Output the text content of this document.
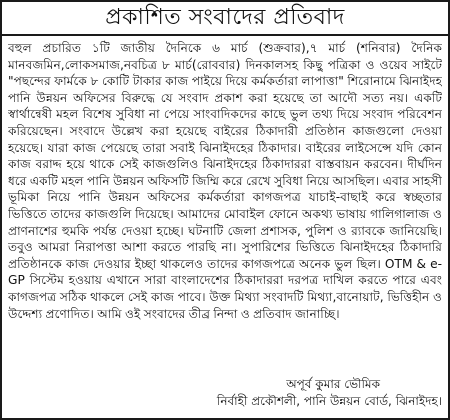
প্রকাশিত সংবাদের প্রতিবাদ
বহুল প্রচারিত ১টি জাতীয় দৈনিকে ৬ মার্চ (শুক্রবার),৭ মার্চ (শনিবার) দৈনিক মানবজমিন,লোকসমাজ,নবচিত্র ৮ মার্চ(রোববার) দিনকালসহ কিছু পত্রিকা ও ওয়েব সাইটে "পছন্দের ফার্মকে ৮ কোটি টাকার কাজ পাইয়ে দিয়ে কর্মকর্তারা লাপাত্তা" শিরোনামে ঝিনাইদহ পানি উন্নয়ন অফিসের বিরুদ্ধে যে সংবাদ প্রকাশ করা হয়েছে তা আদৌ সত্য নয়। একটি স্বার্থান্বেষী মহল বিশেষ সুবিধা না পেয়ে সাংবাদিকদের কাছে ভুল তথ্য দিয়ে সংবাদ পরিবেশন করিয়েছেন। সংবাদে উল্লেখ করা হয়েছে বাইরের ঠিকাদারী প্রতিষ্ঠান কাজগুলো দেওয়া হয়েছে। যারা কাজ পেয়েছে তারা সবাই ঝিনাইদহের ঠিকাদার। বাইরের লাইসেন্সে যদি কোন কাজ বরাদ্দ হয়ে থাকে সেই কাজগুলিও ঝিনাইদহের ঠিকাদাররা বাস্তবায়ন করবেন। দীর্ঘদিন ধরে একটি মহল পানি উন্নয়ন অফিসটি জিম্মি করে রেখে সুবিধা নিয়ে আসছিল। এবার সাহসী ভূমিকা নিয়ে পানি উন্নয়ন অফিসের কর্মকর্তারা কাগজপত্র যাচাই-বাছাই করে স্বচ্ছতার ভিত্তিতে তাদের কাজগুলি দিয়েছে। আমাদের মোবাইল ফোনে অকথ্য ভাষায় গালিগালাজ ও প্রাণনাশের হুমকি পর্যন্ত দেওয়া হচ্ছে। ঘটনাটি জেলা প্রশাসক, পুলিশ ও র‌্যাবকে জানিয়েছি। তবুও আমরা নিরাপত্তা আশা করতে পারছি না। সুপারিশের ভিত্তিতে ঝিনাইদহের ঠিকাদারি প্রতিষ্ঠানকে কাজ দেওয়ার ইচ্ছা থাকলেও তাদের কাগজপত্রে অনেক ভুল ছিল। OTM & e-GP সিস্টেম হওয়ায় এখানে সারা বাংলাদেশের ঠিকাদাররা দরপত্র দাখিল করতে পারে এবং কাগজপত্র সঠিক থাকলে সেই কাজ পাবে। উক্ত মিথ্যা সংবাদটি মিথ্যা,বানোয়াট, ভিত্তিহীন ও উদ্দেশ্য প্রণোদিত। আমি ওই সংবাদের তীব্র নিন্দা ও প্রতিবাদ জানাচ্ছি।
অপূর্ব কুমার ভৌমিক
নির্বাহী প্রকৌশলী, পানি উন্নয়ন বোর্ড, ঝিনাইদহ।
